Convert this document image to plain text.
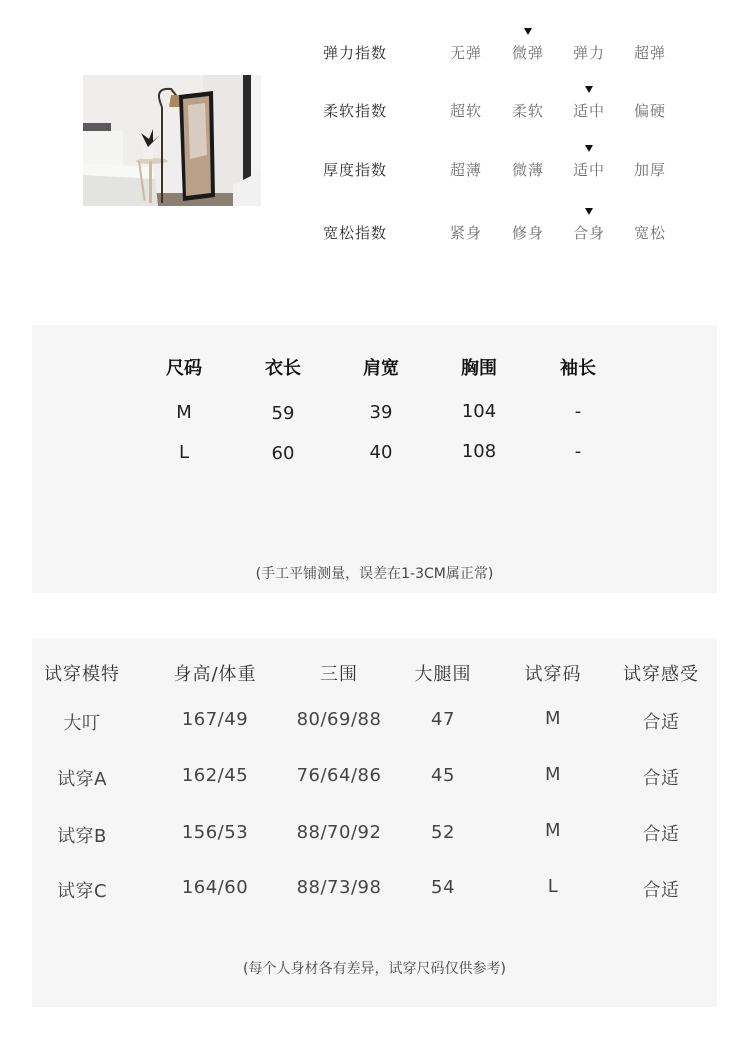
弹力指数	无弹	微弹	弹力	超弹
柔软指数	超软	柔软	适中	偏硬
厚度指数	超薄	微薄	适中	加厚
宽松指数	紧身	修身	合身	宽松
尺码	衣长	肩宽	胸围	袖长
M	59	39	104	-
L	60	40	108	-
(手工平铺测量，误差在1-3CM属正常)
试穿模特	身高/体重	三围	大腿围	试穿码	试穿感受
大叮	167/49	80/69/88	47	M	合适
试穿A	162/45	76/64/86	45	M	合适
试穿B	156/53	88/70/92	52	M	合适
试穿C	164/60	88/73/98	54	L	合适
(每个人身材各有差异，试穿尺码仅供参考)
